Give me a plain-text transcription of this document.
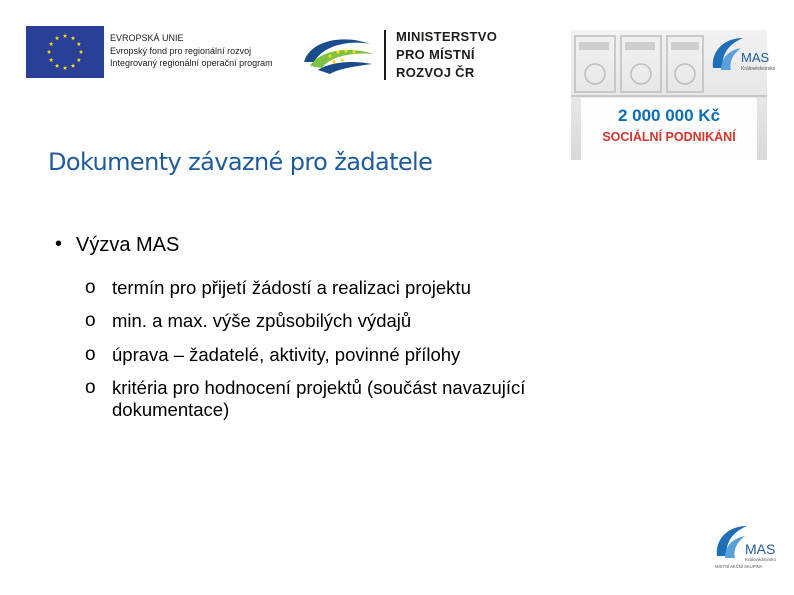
EVROPSKÁ UNIE
Evropský fond pro regionální rozvoj
Integrovaný regionální operační program
MINISTERSTVO
PRO MÍSTNÍ
ROZVOJ ČR
MAS
Královédvorsko
2 000 000 Kč
SOCIÁLNÍ PODNIKÁNÍ
Dokumenty závazné pro žadatele
• Výzva MAS
o termín pro přijetí žádostí a realizaci projektu
o min. a max. výše způsobilých výdajů
o úprava – žadatelé, aktivity, povinné přílohy
o kritéria pro hodnocení projektů (součást navazující dokumentace)
MAS
Královédvorsko
MÍSTNÍ AKČNÍ SKUPINA
